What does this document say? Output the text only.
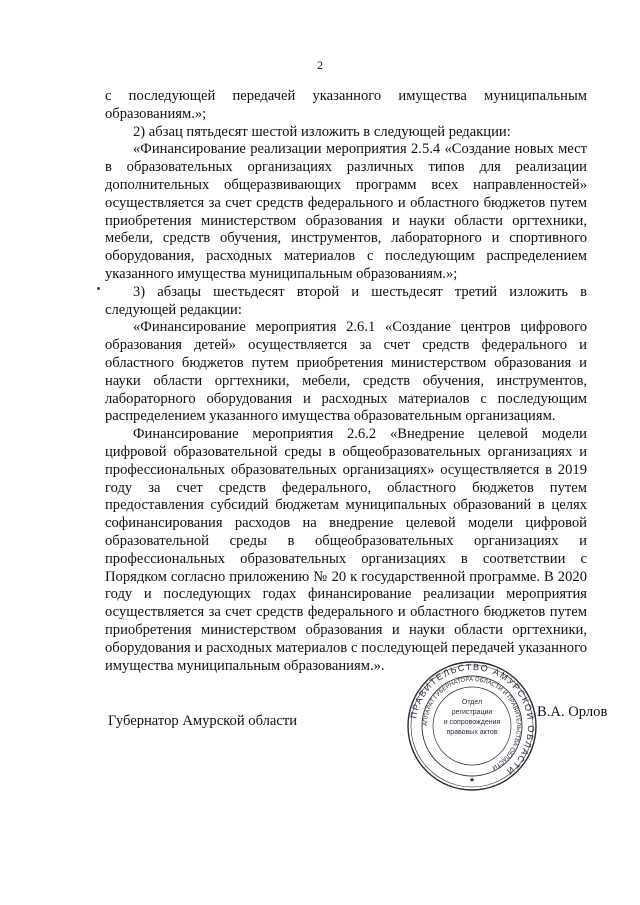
2

с последующей передачей указанного имущества муниципальным образованиям.»;

2) абзац пятьдесят шестой изложить в следующей редакции:

«Финансирование реализации мероприятия 2.5.4 «Создание новых мест в образовательных организациях различных типов для реализации дополнительных общеразвивающих программ всех направленностей» осуществляется за счет средств федерального и областного бюджетов путем приобретения министерством образования и науки области оргтехники, мебели, средств обучения, инструментов, лабораторного и спортивного оборудования, расходных материалов с последующим распределением указанного имущества муниципальным образованиям.»;

3) абзацы шестьдесят второй и шестьдесят третий изложить в следующей редакции:

«Финансирование мероприятия 2.6.1 «Создание центров цифрового образования детей» осуществляется за счет средств федерального и областного бюджетов путем приобретения министерством образования и науки области оргтехники, мебели, средств обучения, инструментов, лабораторного оборудования и расходных материалов с последующим распределением указанного имущества образовательным организациям.

Финансирование мероприятия 2.6.2 «Внедрение целевой модели цифровой образовательной среды в общеобразовательных организациях и профессиональных образовательных организациях» осуществляется в 2019 году за счет средств федерального, областного бюджетов путем предоставления субсидий бюджетам муниципальных образований в целях софинансирования расходов на внедрение целевой модели цифровой образовательной среды в общеобразовательных организациях и профессиональных образовательных организациях в соответствии с Порядком согласно приложению № 20 к государственной программе. В 2020 году и последующих годах финансирование реализации мероприятия осуществляется за счет средств федерального и областного бюджетов путем приобретения министерством образования и науки области оргтехники, оборудования и расходных материалов с последующей передачей указанного имущества муниципальным образованиям.».

Губернатор Амурской области	ПРАВИТЕЛЬСТВО АМУРСКОЙ ОБЛАСТИ
АППАРАТ ГУБЕРНАТОРА ОБЛАСТИ И ПРАВИТЕЛЬСТВА ОБЛАСТИ
★
Отдел
регистрации
и сопровождения
правовых актов
В.А. Орлов
